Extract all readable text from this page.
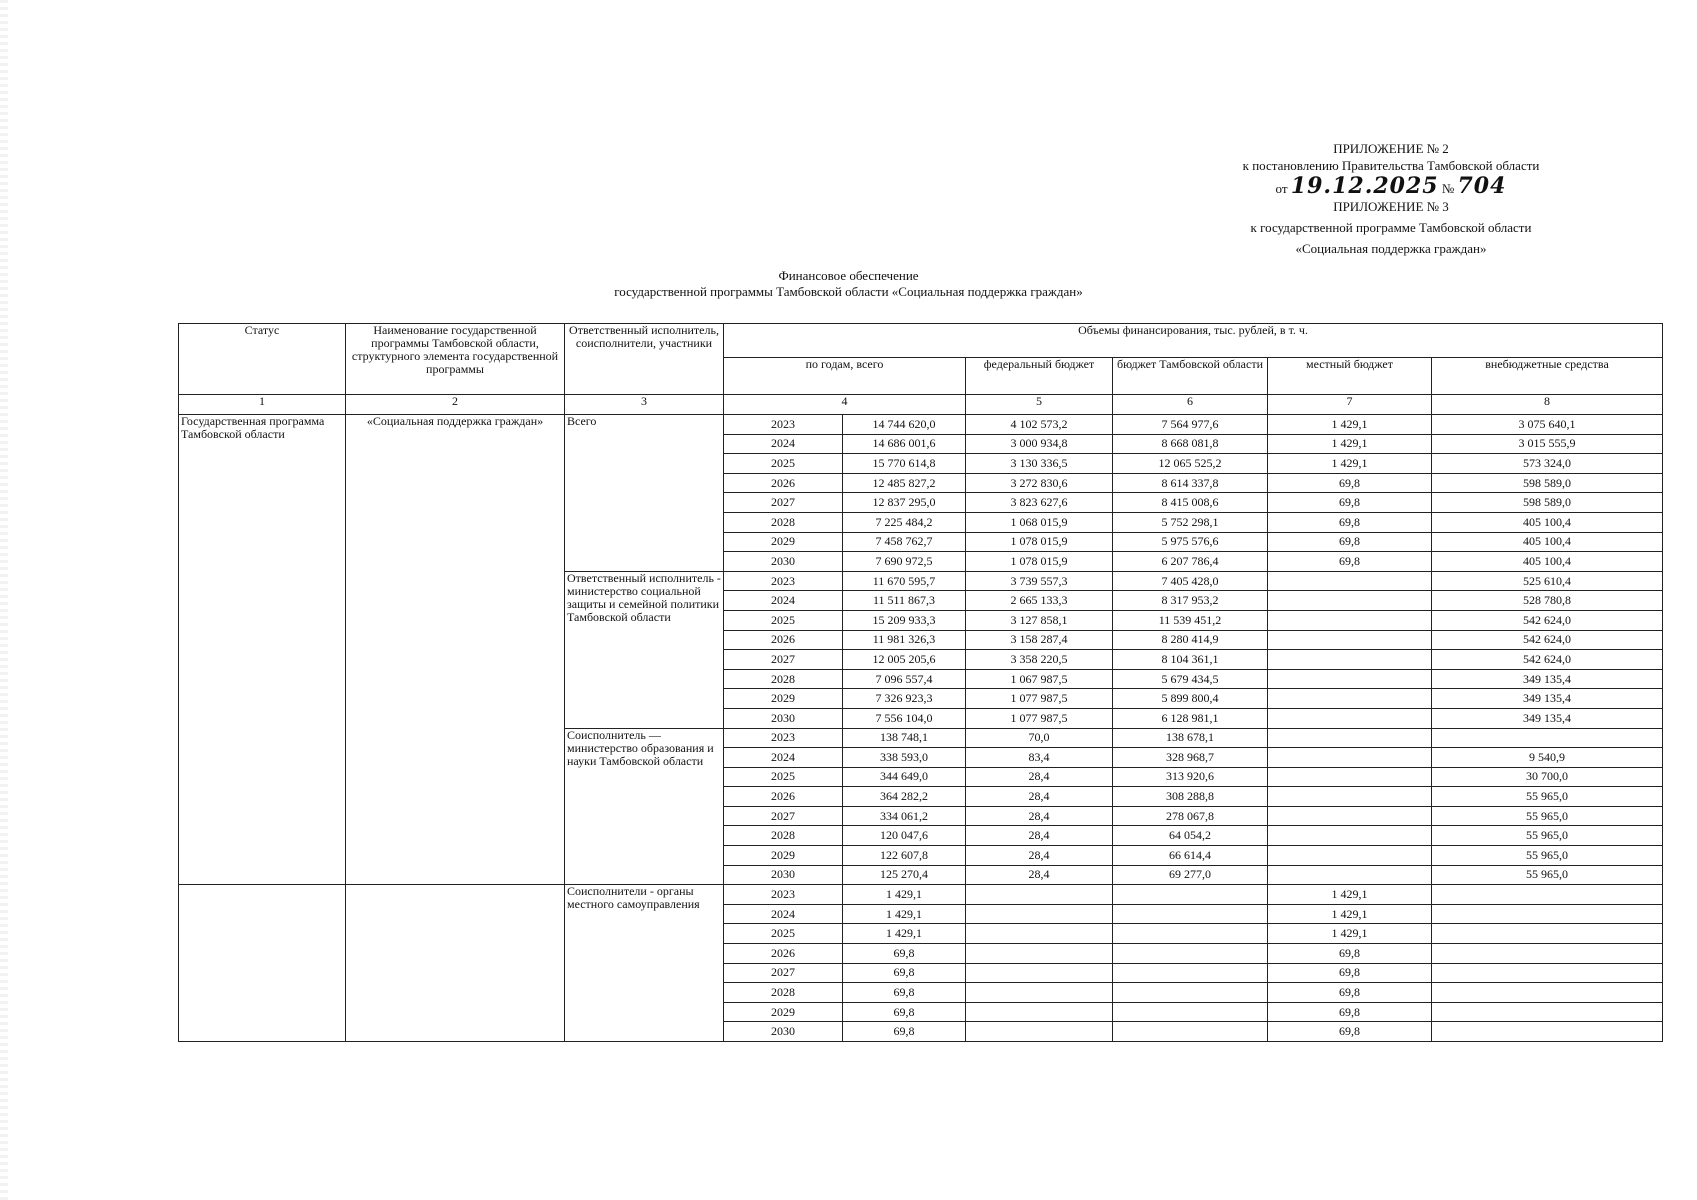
ПРИЛОЖЕНИЕ № 2
к постановлению Правительства Тамбовской области
от 19.12.2025 № 704
ПРИЛОЖЕНИЕ № 3
к государственной программе Тамбовской области
«Социальная поддержка граждан»
Финансовое обеспечение
государственной программы Тамбовской области «Социальная поддержка граждан»
Статус	Наименование государственной программы Тамбовской области, структурного элемента государственной программы	Ответственный исполнитель, соисполнители, участники	Объемы финансирования, тыс. рублей, в т. ч.					
			по годам, всего		федеральный бюджет	бюджет Тамбовской области	местный бюджет	внебюджетные средства
1	2	3	4		5	6	7	8
Государственная программа Тамбовской области	«Социальная поддержка граждан»	Всего	2023	14 744 620,0	4 102 573,2	7 564 977,6	1 429,1	3 075 640,1
			2024	14 686 001,6	3 000 934,8	8 668 081,8	1 429,1	3 015 555,9
			2025	15 770 614,8	3 130 336,5	12 065 525,2	1 429,1	573 324,0
			2026	12 485 827,2	3 272 830,6	8 614 337,8	69,8	598 589,0
			2027	12 837 295,0	3 823 627,6	8 415 008,6	69,8	598 589,0
			2028	7 225 484,2	1 068 015,9	5 752 298,1	69,8	405 100,4
			2029	7 458 762,7	1 078 015,9	5 975 576,6	69,8	405 100,4
			2030	7 690 972,5	1 078 015,9	6 207 786,4	69,8	405 100,4
		Ответственный исполнитель - министерство социальной защиты и семейной политики Тамбовской области	2023	11 670 595,7	3 739 557,3	7 405 428,0		525 610,4
			2024	11 511 867,3	2 665 133,3	8 317 953,2		528 780,8
			2025	15 209 933,3	3 127 858,1	11 539 451,2		542 624,0
			2026	11 981 326,3	3 158 287,4	8 280 414,9		542 624,0
			2027	12 005 205,6	3 358 220,5	8 104 361,1		542 624,0
			2028	7 096 557,4	1 067 987,5	5 679 434,5		349 135,4
			2029	7 326 923,3	1 077 987,5	5 899 800,4		349 135,4
			2030	7 556 104,0	1 077 987,5	6 128 981,1		349 135,4
		Соисполнитель — министерство образования и науки Тамбовской области	2023	138 748,1	70,0	138 678,1		
			2024	338 593,0	83,4	328 968,7		9 540,9
			2025	344 649,0	28,4	313 920,6		30 700,0
			2026	364 282,2	28,4	308 288,8		55 965,0
			2027	334 061,2	28,4	278 067,8		55 965,0
			2028	120 047,6	28,4	64 054,2		55 965,0
			2029	122 607,8	28,4	66 614,4		55 965,0
			2030	125 270,4	28,4	69 277,0		55 965,0
		Соисполнители - органы местного самоуправления	2023	1 429,1			1 429,1	
			2024	1 429,1			1 429,1	
			2025	1 429,1			1 429,1	
			2026	69,8			69,8	
			2027	69,8			69,8	
			2028	69,8			69,8	
			2029	69,8			69,8	
			2030	69,8			69,8	
